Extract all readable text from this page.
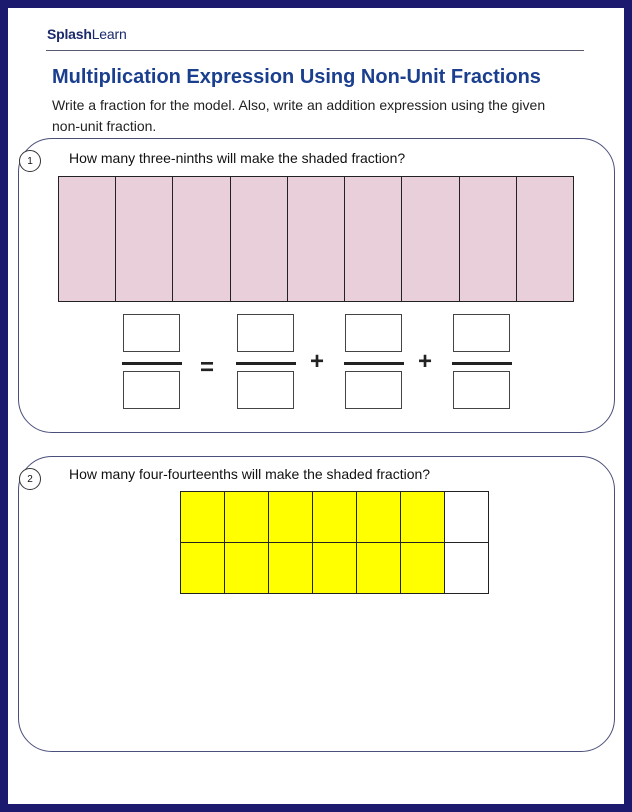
SplashLearn
Multiplication Expression Using Non-Unit Fractions
Write a fraction for the model. Also, write an addition expression using the given non-unit fraction.
1	How many three-ninths will make the shaded fraction?
=	+	+
2	How many four-fourteenths will make the shaded fraction?
